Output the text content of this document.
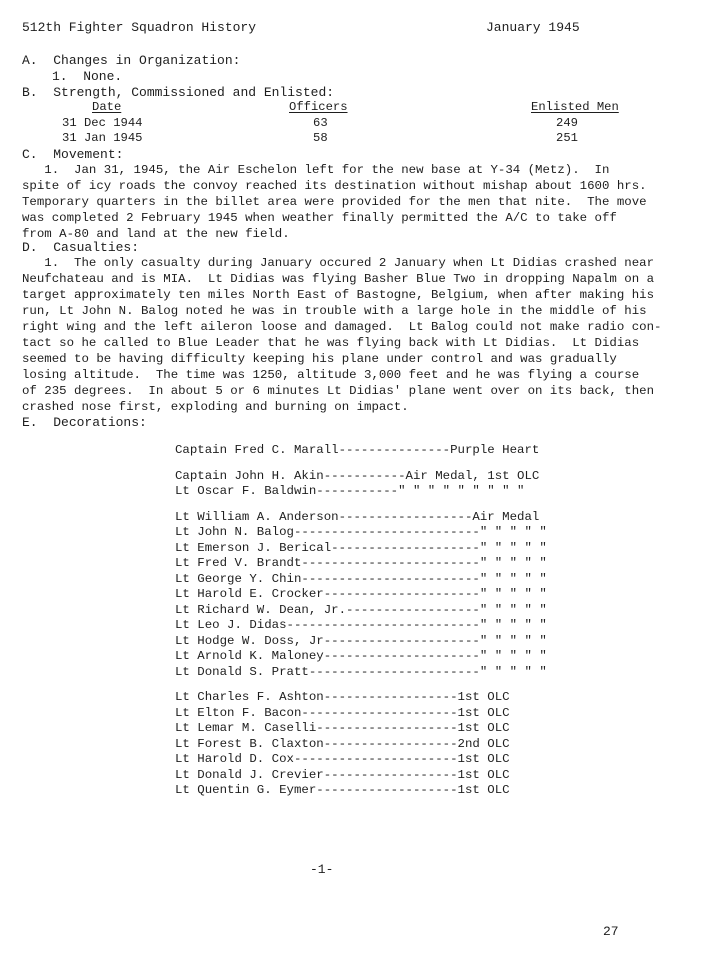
512th Fighter Squadron History	January 1945
A. Changes in Organization:
1.  None.
B. Strength, Commissioned and Enlisted:
Date	Officers	Enlisted Men
31 Dec 1944	63	249
31 Jan 1945	58	251
C. Movement:
1.  Jan 31, 1945, the Air Eschelon left for the new base at Y-34 (Metz).  In
spite of icy roads the convoy reached its destination without mishap about 1600 hrs.
Temporary quarters in the billet area were provided for the men that nite.  The move
was completed 2 February 1945 when weather finally permitted the A/C to take off
from A-80 and land at the new field.
D. Casualties:
1.  The only casualty during January occured 2 January when Lt Didias crashed near
Neufchateau and is MIA.  Lt Didias was flying Basher Blue Two in dropping Napalm on a
target approximately ten miles North East of Bastogne, Belgium, when after making his
run, Lt John N. Balog noted he was in trouble with a large hole in the middle of his
right wing and the left aileron loose and damaged.  Lt Balog could not make radio con-
tact so he called to Blue Leader that he was flying back with Lt Didias.  Lt Didias
seemed to be having difficulty keeping his plane under control and was gradually
losing altitude.  The time was 1250, altitude 3,000 feet and he was flying a course
of 235 degrees.  In about 5 or 6 minutes Lt Didias' plane went over on its back, then
crashed nose first, exploding and burning on impact.
E. Decorations:
Captain Fred C. Marall---------------Purple Heart
Captain John H. Akin-----------Air Medal, 1st OLC
Lt Oscar F. Baldwin-----------" " " " " " " " "
Lt William A. Anderson------------------Air Medal
Lt John N. Balog-------------------------" " " " "
Lt Emerson J. Berical--------------------" " " " "
Lt Fred V. Brandt------------------------" " " " "
Lt George Y. Chin------------------------" " " " "
Lt Harold E. Crocker---------------------" " " " "
Lt Richard W. Dean, Jr.------------------" " " " "
Lt Leo J. Didas--------------------------" " " " "
Lt Hodge W. Doss, Jr---------------------" " " " "
Lt Arnold K. Maloney---------------------" " " " "
Lt Donald S. Pratt-----------------------" " " " "
Lt Charles F. Ashton------------------1st OLC
Lt Elton F. Bacon---------------------1st OLC
Lt Lemar M. Caselli-------------------1st OLC
Lt Forest B. Claxton------------------2nd OLC
Lt Harold D. Cox----------------------1st OLC
Lt Donald J. Crevier------------------1st OLC
Lt Quentin G. Eymer-------------------1st OLC
-1-
27
